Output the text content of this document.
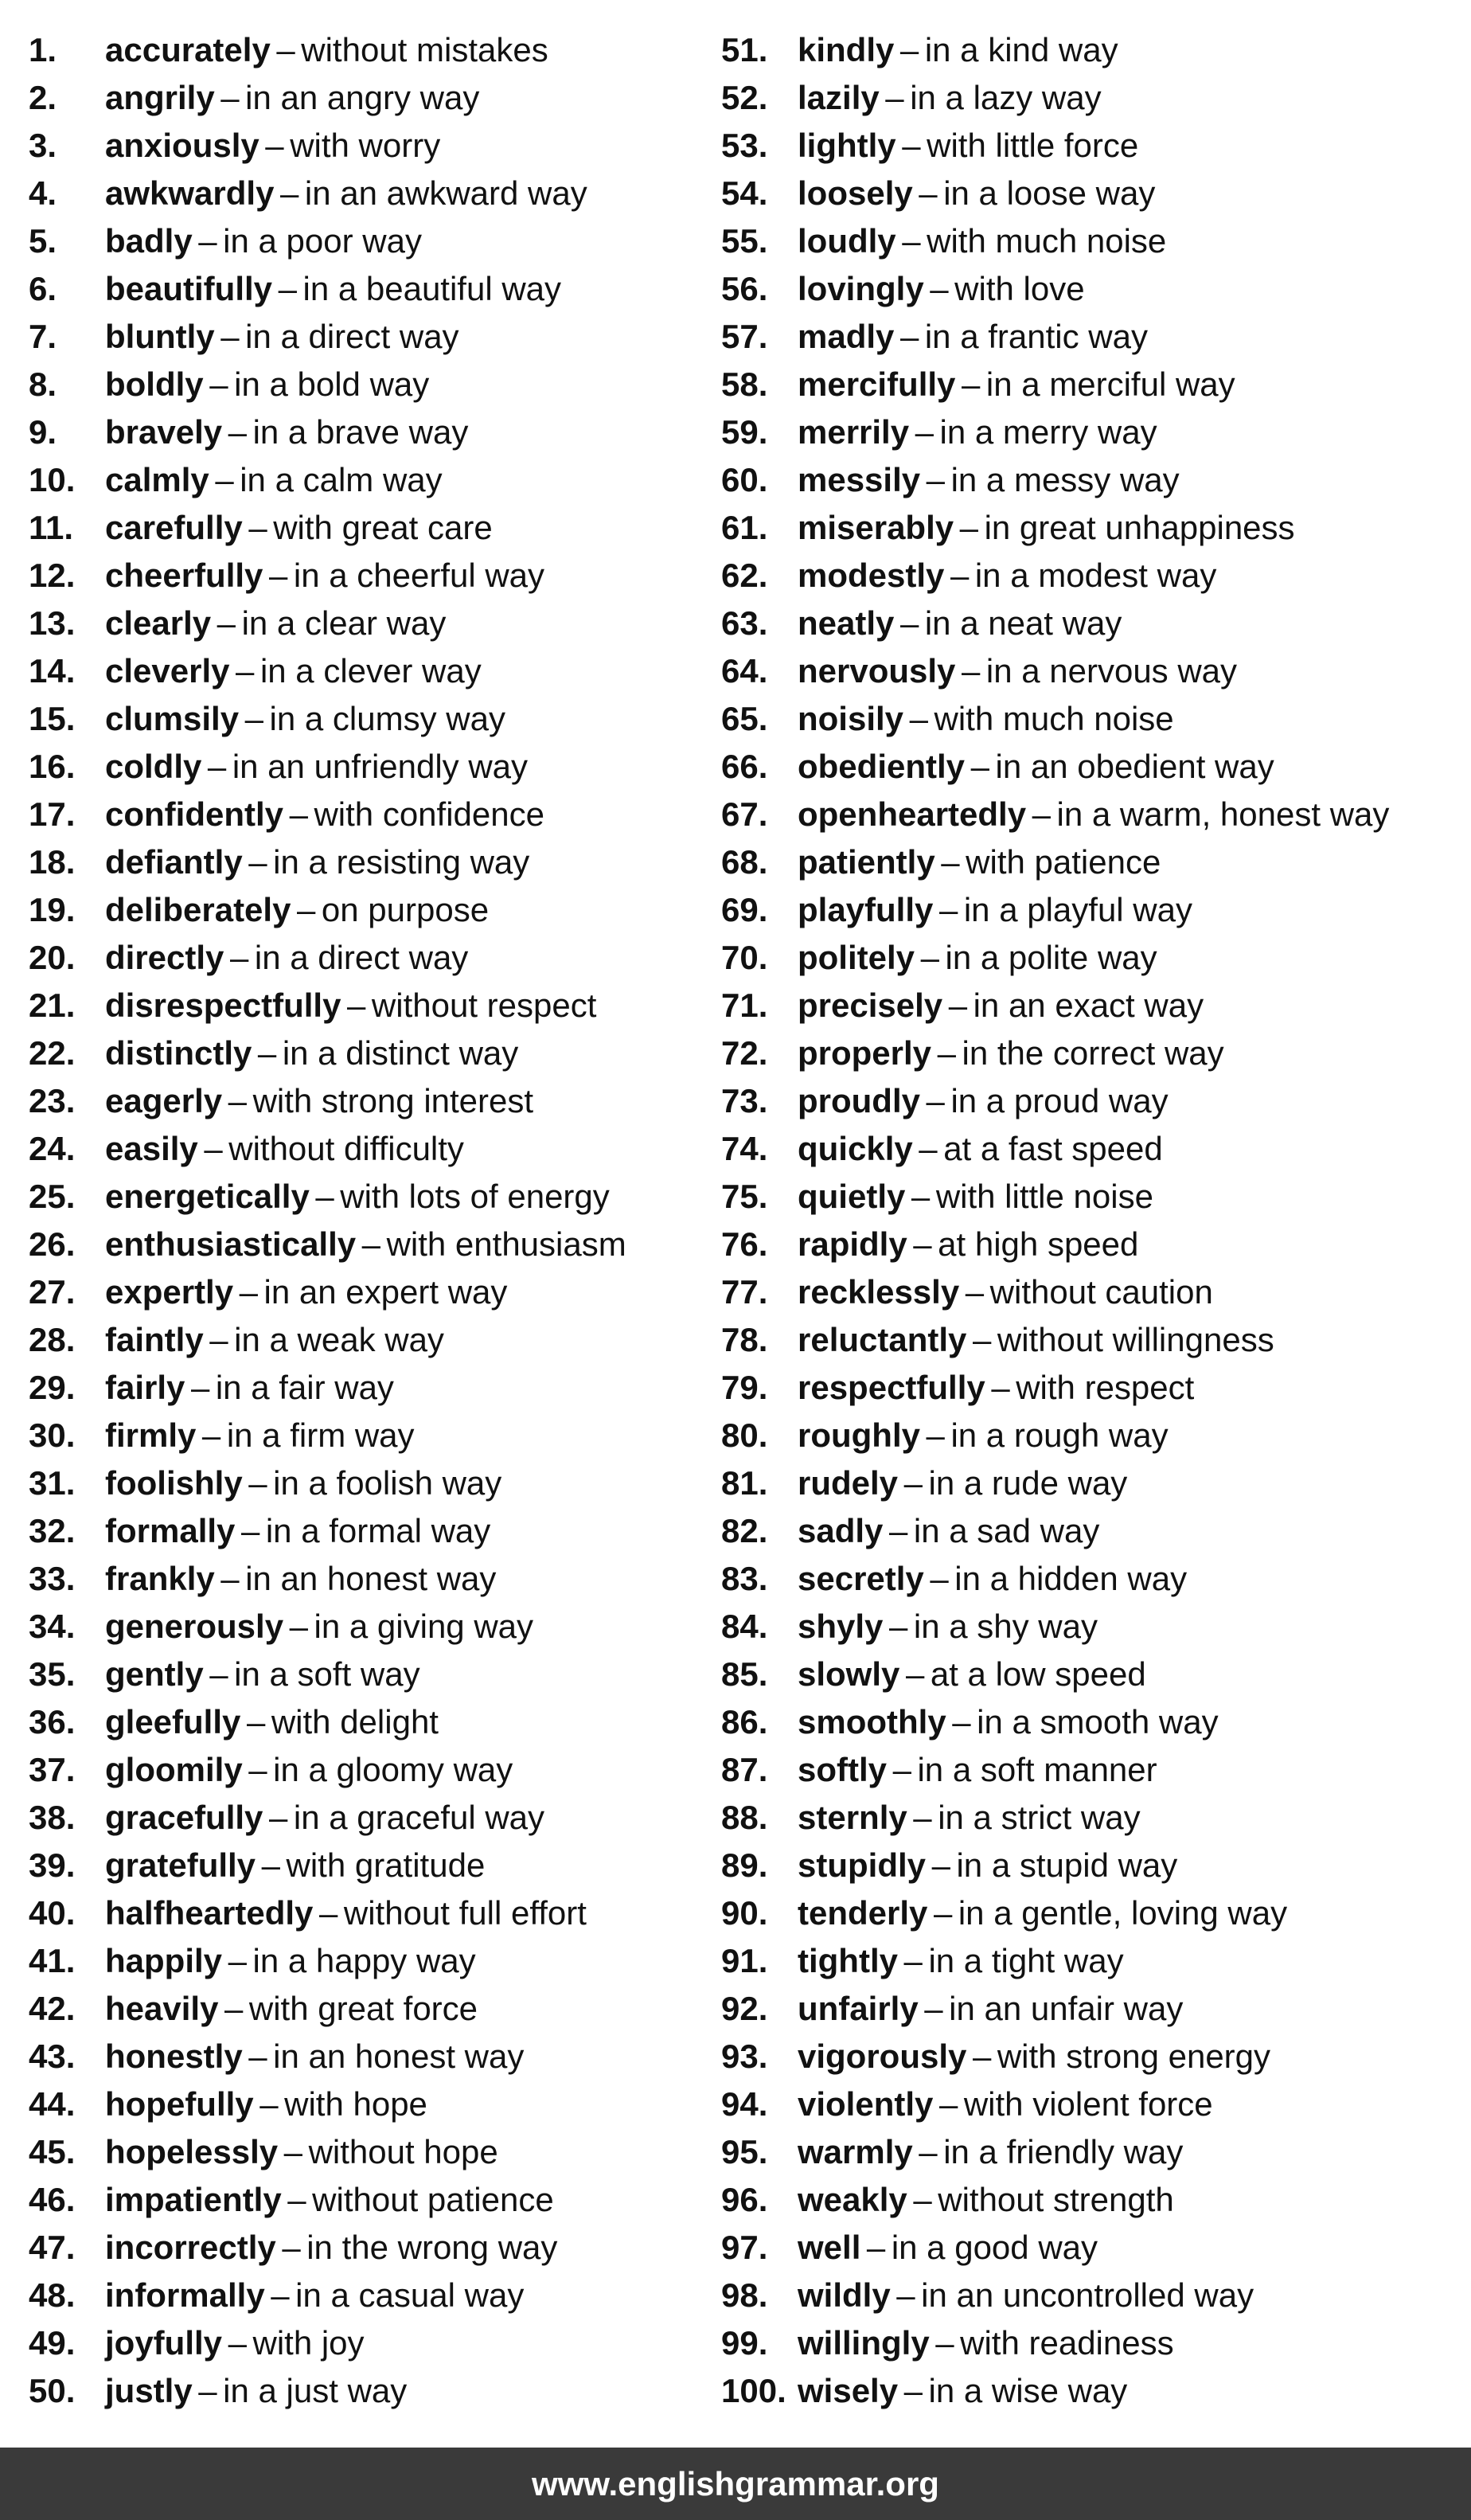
1.	accurately – without mistakes
2.	angrily – in an angry way
3.	anxiously – with worry
4.	awkwardly – in an awkward way
5.	badly – in a poor way
6.	beautifully – in a beautiful way
7.	bluntly – in a direct way
8.	boldly – in a bold way
9.	bravely – in a brave way
10. calmly – in a calm way
11. carefully – with great care
12. cheerfully – in a cheerful way
13. clearly – in a clear way
14. cleverly – in a clever way
15. clumsily – in a clumsy way
16. coldly – in an unfriendly way
17. confidently – with confidence
18. defiantly – in a resisting way
19. deliberately – on purpose
20. directly – in a direct way
21. disrespectfully – without respect
22. distinctly – in a distinct way
23. eagerly – with strong interest
24. easily – without difficulty
25. energetically – with lots of energy
26. enthusiastically – with enthusiasm
27. expertly – in an expert way
28. faintly – in a weak way
29. fairly – in a fair way
30. firmly – in a firm way
31. foolishly – in a foolish way
32. formally – in a formal way
33. frankly – in an honest way
34. generously – in a giving way
35. gently – in a soft way
36. gleefully – with delight
37. gloomily – in a gloomy way
38. gracefully – in a graceful way
39. gratefully – with gratitude
40. halfheartedly – without full effort
41. happily – in a happy way
42. heavily – with great force
43. honestly – in an honest way
44. hopefully – with hope
45. hopelessly – without hope
46. impatiently – without patience
47. incorrectly – in the wrong way
48. informally – in a casual way
49. joyfully – with joy
50. justly – in a just way
51. kindly – in a kind way
52. lazily – in a lazy way
53. lightly – with little force
54. loosely – in a loose way
55. loudly – with much noise
56. lovingly – with love
57. madly – in a frantic way
58. mercifully – in a merciful way
59. merrily – in a merry way
60. messily – in a messy way
61. miserably – in great unhappiness
62. modestly – in a modest way
63. neatly – in a neat way
64. nervously – in a nervous way
65. noisily – with much noise
66. obediently – in an obedient way
67. openheartedly – in a warm, honest way
68. patiently – with patience
69. playfully – in a playful way
70. politely – in a polite way
71. precisely – in an exact way
72. properly – in the correct way
73. proudly – in a proud way
74. quickly – at a fast speed
75. quietly – with little noise
76. rapidly – at high speed
77. recklessly – without caution
78. reluctantly – without willingness
79. respectfully – with respect
80. roughly – in a rough way
81. rudely – in a rude way
82. sadly – in a sad way
83. secretly – in a hidden way
84. shyly – in a shy way
85. slowly – at a low speed
86. smoothly – in a smooth way
87. softly – in a soft manner
88. sternly – in a strict way
89. stupidly – in a stupid way
90. tenderly – in a gentle, loving way
91. tightly – in a tight way
92. unfairly – in an unfair way
93. vigorously – with strong energy
94. violently – with violent force
95. warmly – in a friendly way
96. weakly – without strength
97. well – in a good way
98. wildly – in an uncontrolled way
99. willingly – with readiness
100. wisely – in a wise way
www.englishgrammar.org
